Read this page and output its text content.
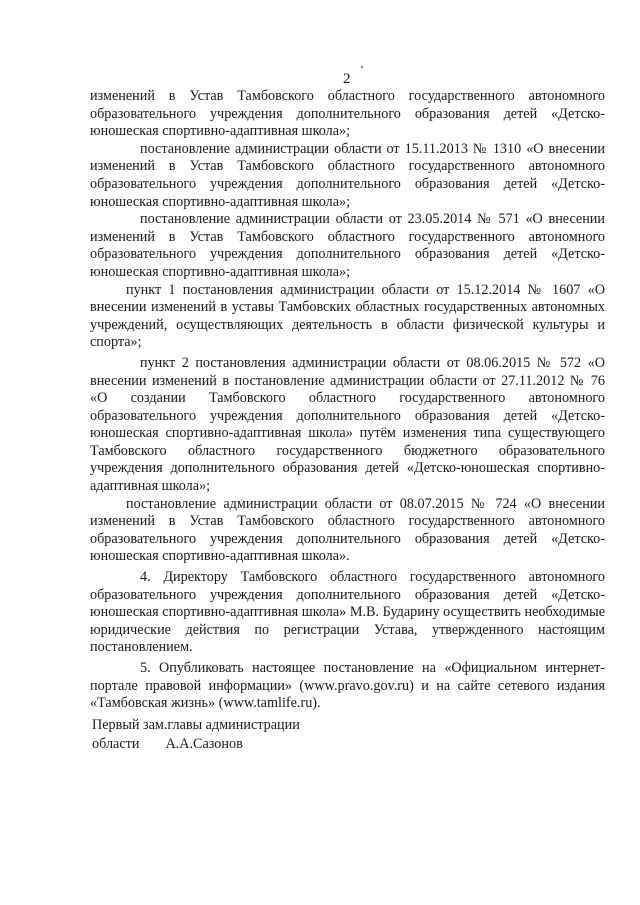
2

изменений в Устав Тамбовского областного государственного автономного образовательного учреждения дополнительного образования детей «Детско-юношеская спортивно-адаптивная школа»;

постановление администрации области от 15.11.2013 № 1310 «О внесении изменений в Устав Тамбовского областного государственного автономного образовательного учреждения дополнительного образования детей «Детско-юношеская спортивно-адаптивная школа»;

постановление администрации области от 23.05.2014 № 571 «О внесении изменений в Устав Тамбовского областного государственного автономного образовательного учреждения дополнительного образования детей «Детско-юношеская спортивно-адаптивная школа»;

пункт 1 постановления администрации области от 15.12.2014 № 1607 «О внесении изменений в уставы Тамбовских областных государственных автономных учреждений, осуществляющих деятельность в области физической культуры и спорта»;

пункт 2 постановления администрации области от 08.06.2015 № 572 «О внесении изменений в постановление администрации области от 27.11.2012 № 76 «О создании Тамбовского областного государственного автономного образовательного учреждения дополнительного образования детей «Детско-юношеская спортивно-адаптивная школа» путём изменения типа существующего Тамбовского областного государственного бюджетного образовательного учреждения дополнительного образования детей «Детско-юношеская спортивно-адаптивная школа»;

постановление администрации области от 08.07.2015 № 724 «О внесении изменений в Устав Тамбовского областного государственного автономного образовательного учреждения дополнительного образования детей «Детско-юношеская спортивно-адаптивная школа».

4. Директору Тамбовского областного государственного автономного образовательного учреждения дополнительного образования детей «Детско-юношеская спортивно-адаптивная школа» М.В. Бударину осуществить необходимые юридические действия по регистрации Устава, утвержденного настоящим постановлением.

5. Опубликовать настоящее постановление на «Официальном интернет-портале правовой информации» (www.pravo.gov.ru) и на сайте сетевого издания «Тамбовская жизнь» (www.tamlife.ru).

Первый зам.главы администрации
области А.А.Сазонов
